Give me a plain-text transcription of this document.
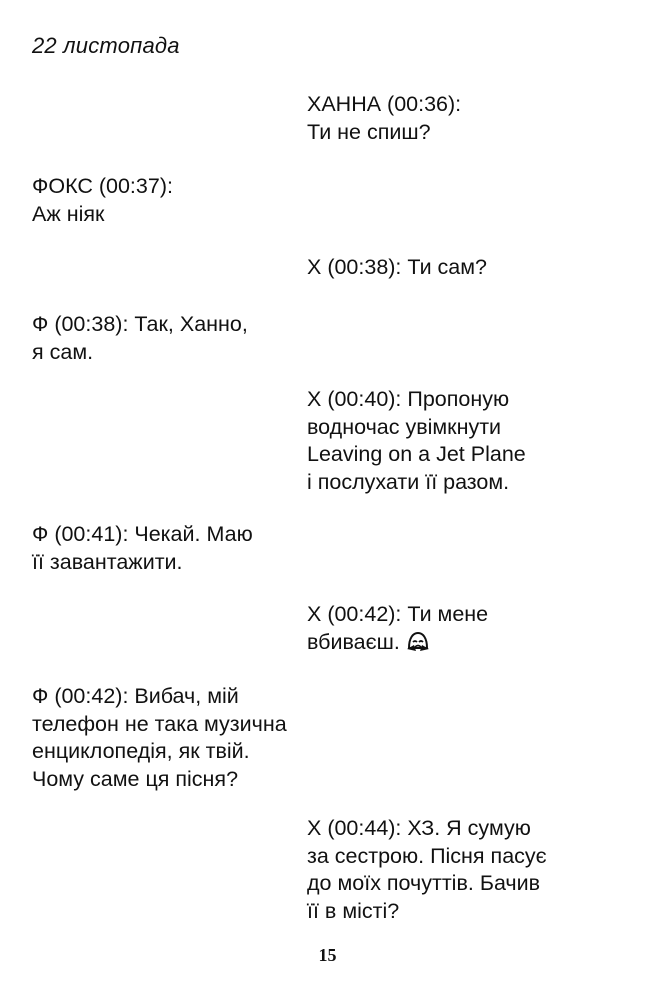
22 листопада
ХАННА (00:36):
Ти не спиш?
ФОКС (00:37):
Аж ніяк
Х (00:38): Ти сам?
Ф (00:38): Так, Ханно,
я сам.
Х (00:40): Пропоную
водночас увімкнути
Leaving on a Jet Plane
і послухати її разом.
Ф (00:41): Чекай. Маю
її завантажити.
Х (00:42): Ти мене
вбиваєш.
Ф (00:42): Вибач, мій
телефон не така музична
енциклопедія, як твій.
Чому саме ця пісня?
Х (00:44): ХЗ. Я сумую
за сестрою. Пісня пасує
до моїх почуттів. Бачив
її в місті?
15
